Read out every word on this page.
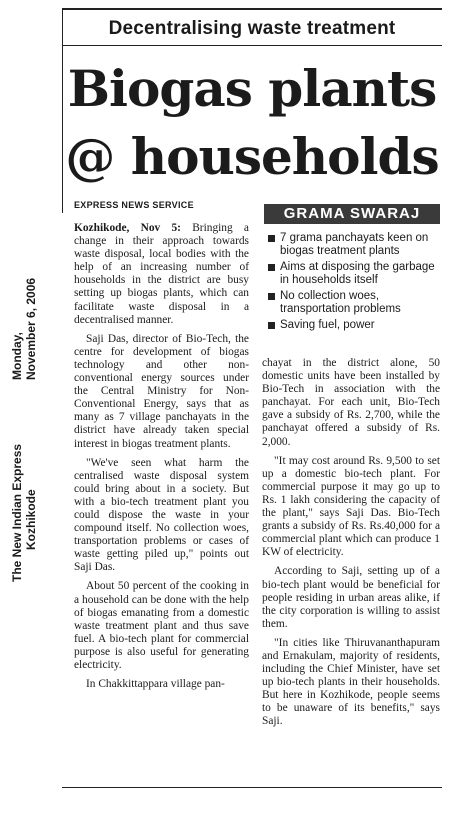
Decentralising waste treatment
Biogas plants
@ households
Monday, November 6, 2006
The New Indian Express Kozhikode
EXPRESS NEWS SERVICE	GRAMA SWARAJ
7 grama panchayats keen on biogas treatment plants
Aims at disposing the garbage in households itself
No collection woes, transportation problems
Saving fuel, power

Kozhikode, Nov 5: Bringing a change in their approach towards waste disposal, local bodies with the help of an increasing number of households in the district are busy setting up biogas plants, which can facilitate waste disposal in a decentralised manner.

Saji Das, director of Bio-Tech, the centre for development of biogas technology and other non-conventional energy sources under the Central Ministry for Non-Conventional Energy, says that as many as 7 village panchayats in the district have already taken special interest in biogas treatment plants.

"We've seen what harm the centralised waste disposal system could bring about in a society. But with a bio-tech treatment plant you could dispose the waste in your compound itself. No collection woes, transportation problems or cases of waste getting piled up," points out Saji Das.

About 50 percent of the cooking in a household can be done with the help of biogas emanating from a domestic waste treatment plant and thus save fuel. A bio-tech plant for commercial purpose is also useful for generating electricity.

In Chakkittappara village pan-

chayat in the district alone, 50 domestic units have been installed by Bio-Tech in association with the panchayat. For each unit, Bio-Tech gave a subsidy of Rs. 2,700, while the panchayat offered a subsidy of Rs. 2,000.

"It may cost around Rs. 9,500 to set up a domestic bio-tech plant. For commercial purpose it may go up to Rs. 1 lakh considering the capacity of the plant," says Saji Das. Bio-Tech grants a subsidy of Rs. Rs.40,000 for a commercial plant which can produce 1 KW of electricity.

According to Saji, setting up of a bio-tech plant would be beneficial for people residing in urban areas alike, if the city corporation is willing to assist them.

"In cities like Thiruvananthapuram and Ernakulam, majority of residents, including the Chief Minister, have set up bio-tech plants in their households. But here in Kozhikode, people seems to be unaware of its benefits," says Saji.
